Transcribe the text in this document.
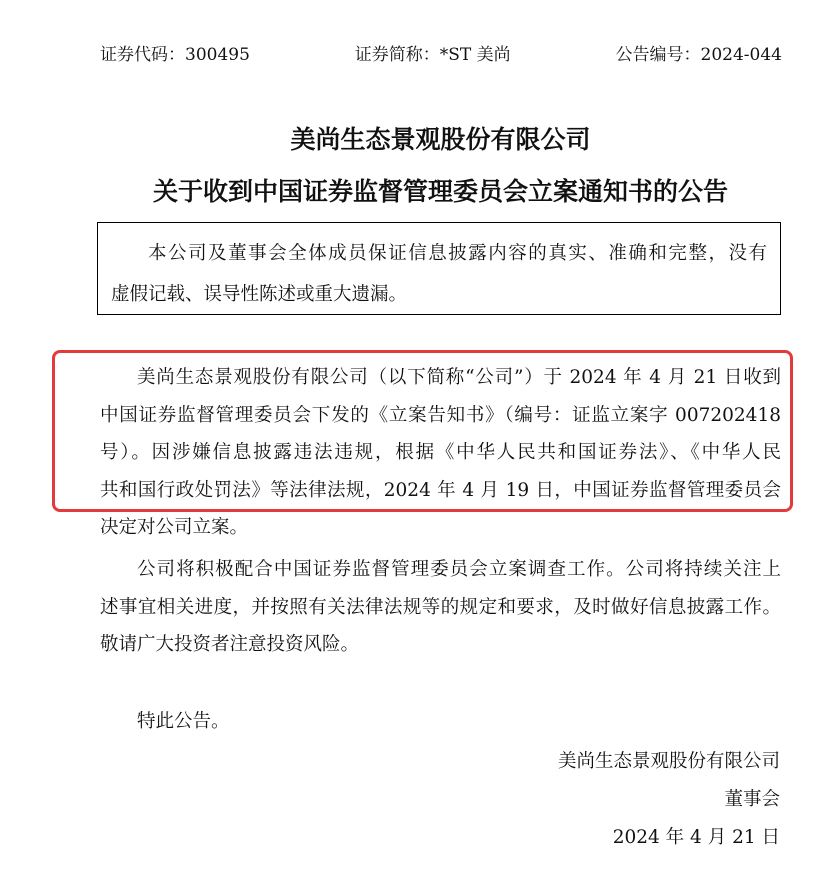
证券代码：300495	证券简称：*ST 美尚	公告编号：2024-044
美尚生态景观股份有限公司
关于收到中国证券监督管理委员会立案通知书的公告
本公司及董事会全体成员保证信息披露内容的真实、准确和完整，没有
虚假记载、误导性陈述或重大遗漏。
美尚生态景观股份有限公司（以下简称“公司”）于 2024 年 4 月 21 日收到
中国证券监督管理委员会下发的《立案告知书》（编号：证监立案字 007202418
号）。因涉嫌信息披露违法违规，根据《中华人民共和国证券法》、《中华人民
共和国行政处罚法》等法律法规，2024 年 4 月 19 日，中国证券监督管理委员会
决定对公司立案。
公司将积极配合中国证券监督管理委员会立案调查工作。公司将持续关注上
述事宜相关进度，并按照有关法律法规等的规定和要求，及时做好信息披露工作。
敬请广大投资者注意投资风险。
特此公告。
美尚生态景观股份有限公司
董事会
2024 年 4 月 21 日
